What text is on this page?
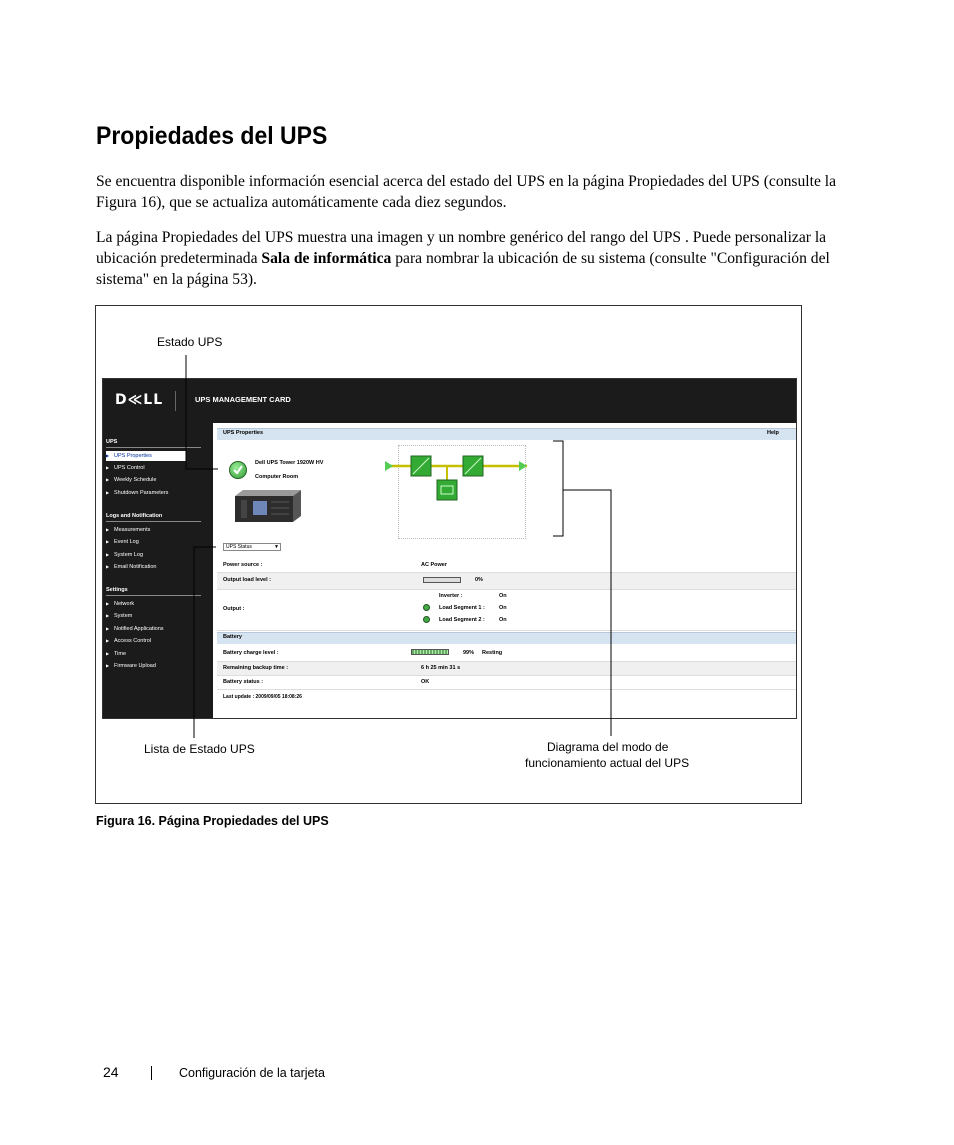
Propiedades del UPS
Se encuentra disponible información esencial acerca del estado del UPS en la página Propiedades del UPS (consulte la Figura 16), que se actualiza automáticamente cada diez segundos.
La página Propiedades del UPS muestra una imagen y un nombre genérico del rango del UPS . Puede personalizar la ubicación predeterminada Sala de informática para nombrar la ubicación de su sistema (consulte "Configuración del sistema" en la página 53).
Estado UPS
Lista de Estado UPS	Diagrama del modo de
funcionamiento actual del UPS
D≪LL	UPS MANAGEMENT CARD
UPS
▶ UPS Properties
▶ UPS Control
▶ Weekly Schedule
▶ Shutdown Parameters
Logs and Notification
▶ Measurements
▶ Event Log
▶ System Log
▶ Email Notification
Settings
▶ Network
▶ System
▶ Notified Applications
▶ Access Control
▶ Time
▶ Firmware Upload
UPS Properties	Help
Dell UPS Tower 1920W HV
Computer Room
UPS Status	▼
Power source :	AC Power
Output load level :	0%
Output :
Inverter :	On
Load Segment 1 :	On
Load Segment 2 :	On
Battery
Battery charge level :	99% Resting
Remaining backup time :	6 h 25 min 31 s
Battery status :	OK
Last update : 2009/09/05 18:08:26
Figura 16. Página Propiedades del UPS
24	Configuración de la tarjeta
